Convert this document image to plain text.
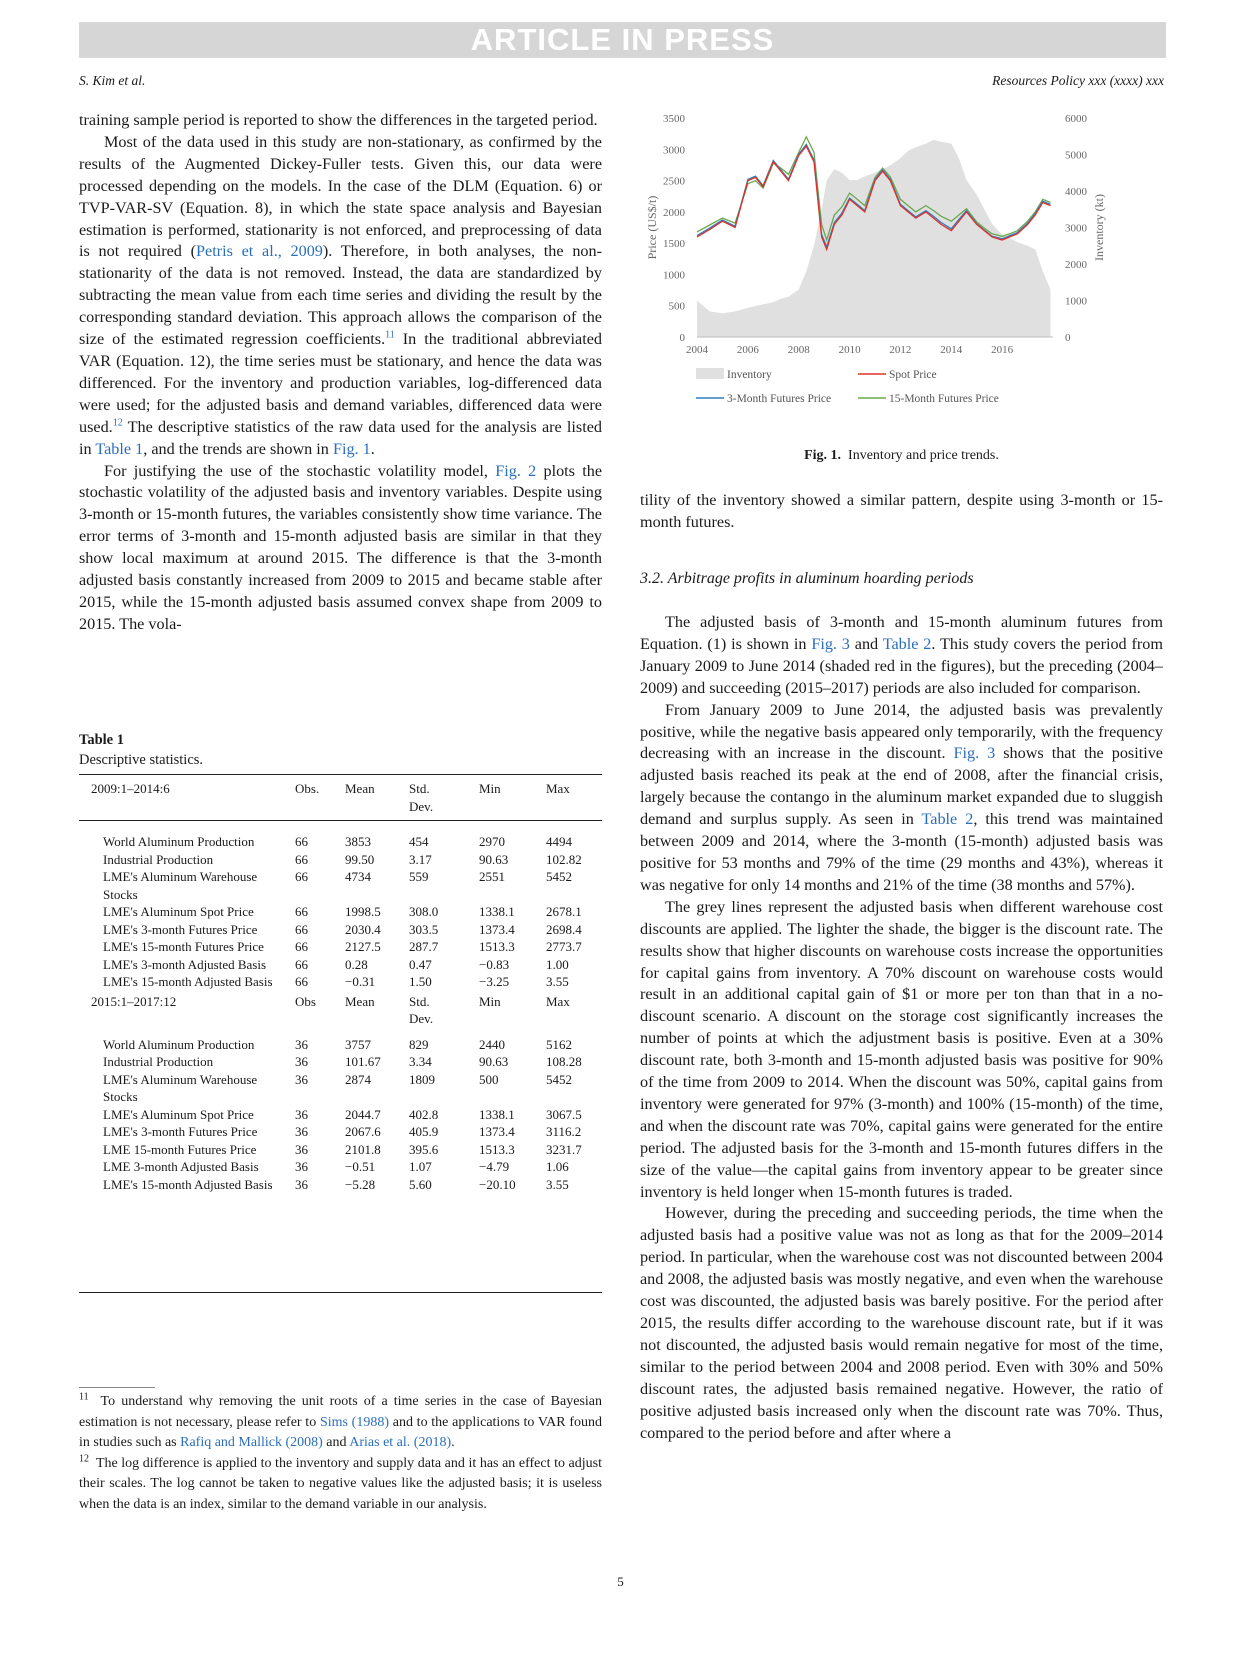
ARTICLE IN PRESS
S. Kim et al.	Resources Policy xxx (xxxx) xxx

training sample period is reported to show the differences in the targeted period.

Most of the data used in this study are non-stationary, as confirmed by the results of the Augmented Dickey-Fuller tests. Given this, our data were processed depending on the models. In the case of the DLM (Equation. 6) or TVP-VAR-SV (Equation. 8), in which the state space analysis and Bayesian estimation is performed, stationarity is not enforced, and preprocessing of data is not required (Petris et al., 2009). Therefore, in both analyses, the non-stationarity of the data is not removed. Instead, the data are standardized by subtracting the mean value from each time series and dividing the result by the corresponding standard deviation. This approach allows the comparison of the size of the estimated regression coefficients.$^{11}$ In the traditional abbreviated VAR (Equation. 12), the time series must be stationary, and hence the data was differenced. For the inventory and production variables, log-differenced data were used; for the adjusted basis and demand variables, differenced data were used.$^{12}$ The descriptive statistics of the raw data used for the analysis are listed in Table 1, and the trends are shown in Fig. 1.

For justifying the use of the stochastic volatility model, Fig. 2 plots the stochastic volatility of the adjusted basis and inventory variables. Despite using 3-month or 15-month futures, the variables consistently show time variance. The error terms of 3-month and 15-month adjusted basis are similar in that they show local maximum at around 2015. The difference is that the 3-month adjusted basis constantly increased from 2009 to 2015 and became stable after 2015, while the 15-month adjusted basis assumed convex shape from 2009 to 2015. The vola-

Table 1
Descriptive statistics.
2009:1–2014:6	Obs.	Mean	Std. Dev.	Min	Max
World Aluminum Production	66	3853	454	2970	4494
Industrial Production	66	99.50	3.17	90.63	102.82
LME's Aluminum Warehouse Stocks	66	4734	559	2551	5452
LME's Aluminum Spot Price	66	1998.5	308.0	1338.1	2678.1
LME's 3-month Futures Price	66	2030.4	303.5	1373.4	2698.4
LME's 15-month Futures Price	66	2127.5	287.7	1513.3	2773.7
LME's 3-month Adjusted Basis	66	0.28	0.47	−0.83	1.00
LME's 15-month Adjusted Basis	66	−0.31	1.50	−3.25	3.55
2015:1–2017:12	Obs	Mean	Std. Dev.	Min	Max
World Aluminum Production	36	3757	829	2440	5162
Industrial Production	36	101.67	3.34	90.63	108.28
LME's Aluminum Warehouse Stocks	36	2874	1809	500	5452
LME's Aluminum Spot Price	36	2044.7	402.8	1338.1	3067.5
LME's 3-month Futures Price	36	2067.6	405.9	1373.4	3116.2
LME 15-month Futures Price	36	2101.8	395.6	1513.3	3231.7
LME 3-month Adjusted Basis	36	−0.51	1.07	−4.79	1.06
LME's 15-month Adjusted Basis	36	−5.28	5.60	−20.10	3.55

$^{11}$ To understand why removing the unit roots of a time series in the case of Bayesian estimation is not necessary, please refer to Sims (1988) and to the applications to VAR found in studies such as Rafiq and Mallick (2008) and Arias et al. (2018).

$^{12}$ The log difference is applied to the inventory and supply data and it has an effect to adjust their scales. The log cannot be taken to negative values like the adjusted basis; it is useless when the data is an index, similar to the demand variable in our analysis.

0
500
1000
1500
2000
2500
3000
3500
0
1000
2000
3000
4000
5000
6000
2004	2006	2008	2010	2012	2014	2016
Price (US$/t)	Inventory (kt)
Inventory	Spot Price
3-Month Futures Price	15-Month Futures Price
Fig. 1. Inventory and price trends.

tility of the inventory showed a similar pattern, despite using 3-month or 15-month futures.

3.2. Arbitrage profits in aluminum hoarding periods

The adjusted basis of 3-month and 15-month aluminum futures from Equation. (1) is shown in Fig. 3 and Table 2. This study covers the period from January 2009 to June 2014 (shaded red in the figures), but the preceding (2004–2009) and succeeding (2015–2017) periods are also included for comparison.

From January 2009 to June 2014, the adjusted basis was prevalently positive, while the negative basis appeared only temporarily, with the frequency decreasing with an increase in the discount. Fig. 3 shows that the positive adjusted basis reached its peak at the end of 2008, after the financial crisis, largely because the contango in the aluminum market expanded due to sluggish demand and surplus supply. As seen in Table 2, this trend was maintained between 2009 and 2014, where the 3-month (15-month) adjusted basis was positive for 53 months and 79% of the time (29 months and 43%), whereas it was negative for only 14 months and 21% of the time (38 months and 57%).

The grey lines represent the adjusted basis when different warehouse cost discounts are applied. The lighter the shade, the bigger is the discount rate. The results show that higher discounts on warehouse costs increase the opportunities for capital gains from inventory. A 70% discount on warehouse costs would result in an additional capital gain of $1 or more per ton than that in a no-discount scenario. A discount on the storage cost significantly increases the number of points at which the adjustment basis is positive. Even at a 30% discount rate, both 3-month and 15-month adjusted basis was positive for 90% of the time from 2009 to 2014. When the discount was 50%, capital gains from inventory were generated for 97% (3-month) and 100% (15-month) of the time, and when the discount rate was 70%, capital gains were generated for the entire period. The adjusted basis for the 3-month and 15-month futures differs in the size of the value—the capital gains from inventory appear to be greater since inventory is held longer when 15-month futures is traded.

However, during the preceding and succeeding periods, the time when the adjusted basis had a positive value was not as long as that for the 2009–2014 period. In particular, when the warehouse cost was not discounted between 2004 and 2008, the adjusted basis was mostly negative, and even when the warehouse cost was discounted, the adjusted basis was barely positive. For the period after 2015, the results differ according to the warehouse discount rate, but if it was not discounted, the adjusted basis would remain negative for most of the time, similar to the period between 2004 and 2008 period. Even with 30% and 50% discount rates, the adjusted basis remained negative. However, the ratio of positive adjusted basis increased only when the discount rate was 70%. Thus, compared to the period before and after where a

5
